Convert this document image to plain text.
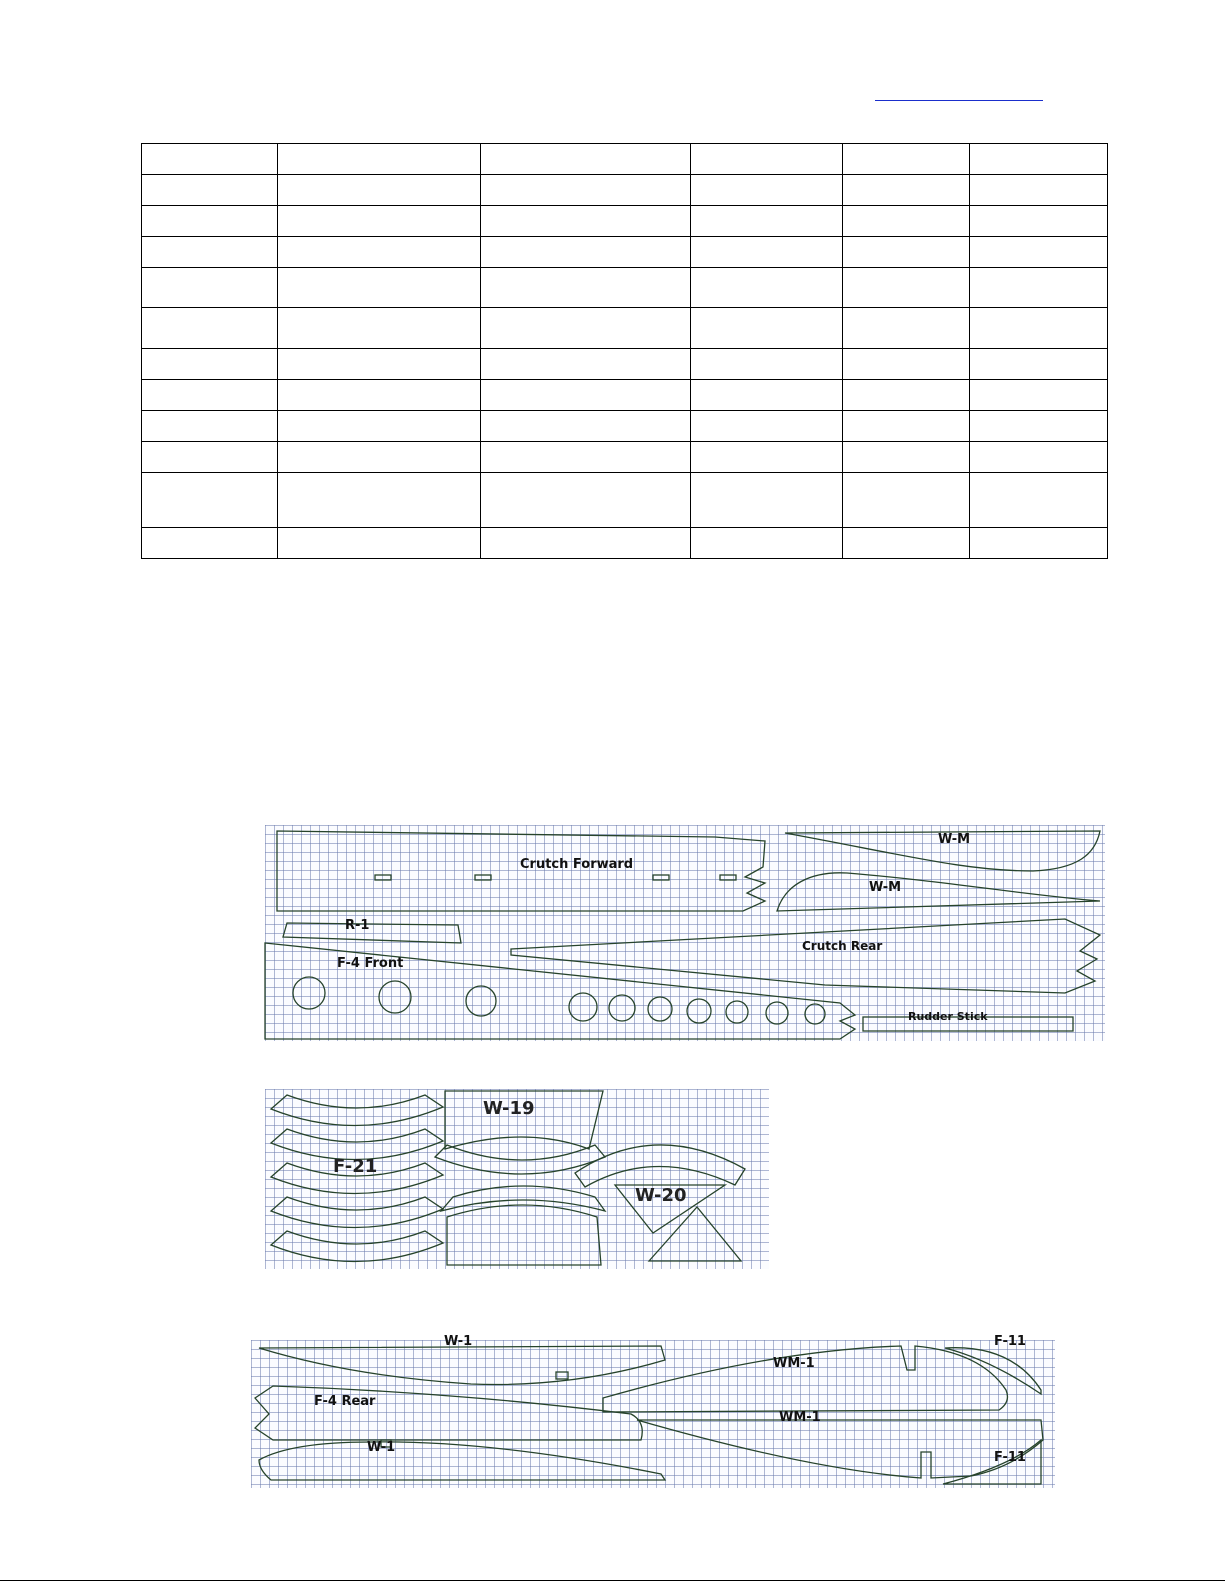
Crutch Forward
W-M
W-M
R-1
F-4 Front
Crutch Rear
Rudder Stick
W-19
F-21
W-20
W-1
WM-1
F-11
F-4 Rear
WM-1
W-1
F-11
